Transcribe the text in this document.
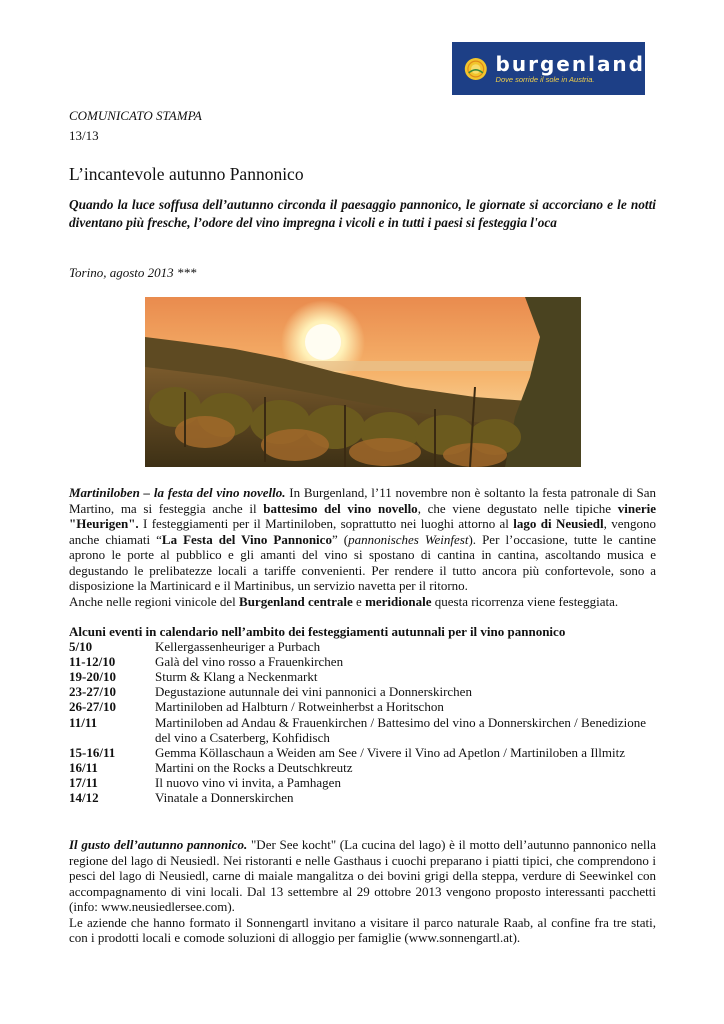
burgenland
Dove sorride il sole in Austria.
COMUNICATO STAMPA
13/13
L’incantevole autunno Pannonico
Quando la luce soffusa dell’autunno circonda il paesaggio pannonico, le giornate si accorciano e le notti diventano più fresche, l’odore del vino impregna i vicoli e in tutti i paesi si festeggia l'oca
Torino, agosto 2013 ***
Martiniloben – la festa del vino novello. In Burgenland, l’11 novembre non è soltanto la festa patronale di San Martino, ma si festeggia anche il battesimo del vino novello, che viene degustato nelle tipiche vinerie "Heurigen". I festeggiamenti per il Martiniloben, soprattutto nei luoghi attorno al lago di Neusiedl, vengono anche chiamati “La Festa del Vino Pannonico” (pannonisches Weinfest). Per l’occasione, tutte le cantine aprono le porte al pubblico e gli amanti del vino si spostano di cantina in cantina, ascoltando musica e degustando le prelibatezze locali a tariffe convenienti. Per rendere il tutto ancora più confortevole, sono a disposizione la Martinicard e il Martinibus, un servizio navetta per il ritorno.
Anche nelle regioni vinicole del Burgenland centrale e meridionale questa ricorrenza viene festeggiata.
Alcuni eventi in calendario nell’ambito dei festeggiamenti autunnali per il vino pannonico
5/10	Kellergassenheuriger a Purbach
11-12/10	Galà del vino rosso a Frauenkirchen
19-20/10	Sturm & Klang a Neckenmarkt
23-27/10	Degustazione autunnale dei vini pannonici a Donnerskirchen
26-27/10	Martiniloben ad Halbturn / Rotweinherbst a Horitschon
11/11	Martiniloben ad Andau & Frauenkirchen / Battesimo del vino a Donnerskirchen / Benedizione del vino a Csaterberg, Kohfidisch
15-16/11	Gemma Köllaschaun a Weiden am See / Vivere il Vino ad Apetlon / Martiniloben a Illmitz
16/11	Martini on the Rocks a Deutschkreutz
17/11	Il nuovo vino vi invita, a Pamhagen
14/12	Vinatale a Donnerskirchen
Il gusto dell’autunno pannonico. "Der See kocht" (La cucina del lago) è il motto dell’autunno pannonico nella regione del lago di Neusiedl. Nei ristoranti e nelle Gasthaus i cuochi preparano i piatti tipici, che comprendono i pesci del lago di Neusiedl, carne di maiale mangalitza o dei bovini grigi della steppa, verdure di Seewinkel con accompagnamento di vini locali. Dal 13 settembre al 29 ottobre 2013 vengono proposto interessanti pacchetti (info: www.neusiedlersee.com).
Le aziende che hanno formato il Sonnengartl invitano a visitare il parco naturale Raab, al confine fra tre stati, con i prodotti locali e comode soluzioni di alloggio per famiglie (www.sonnengartl.at).
